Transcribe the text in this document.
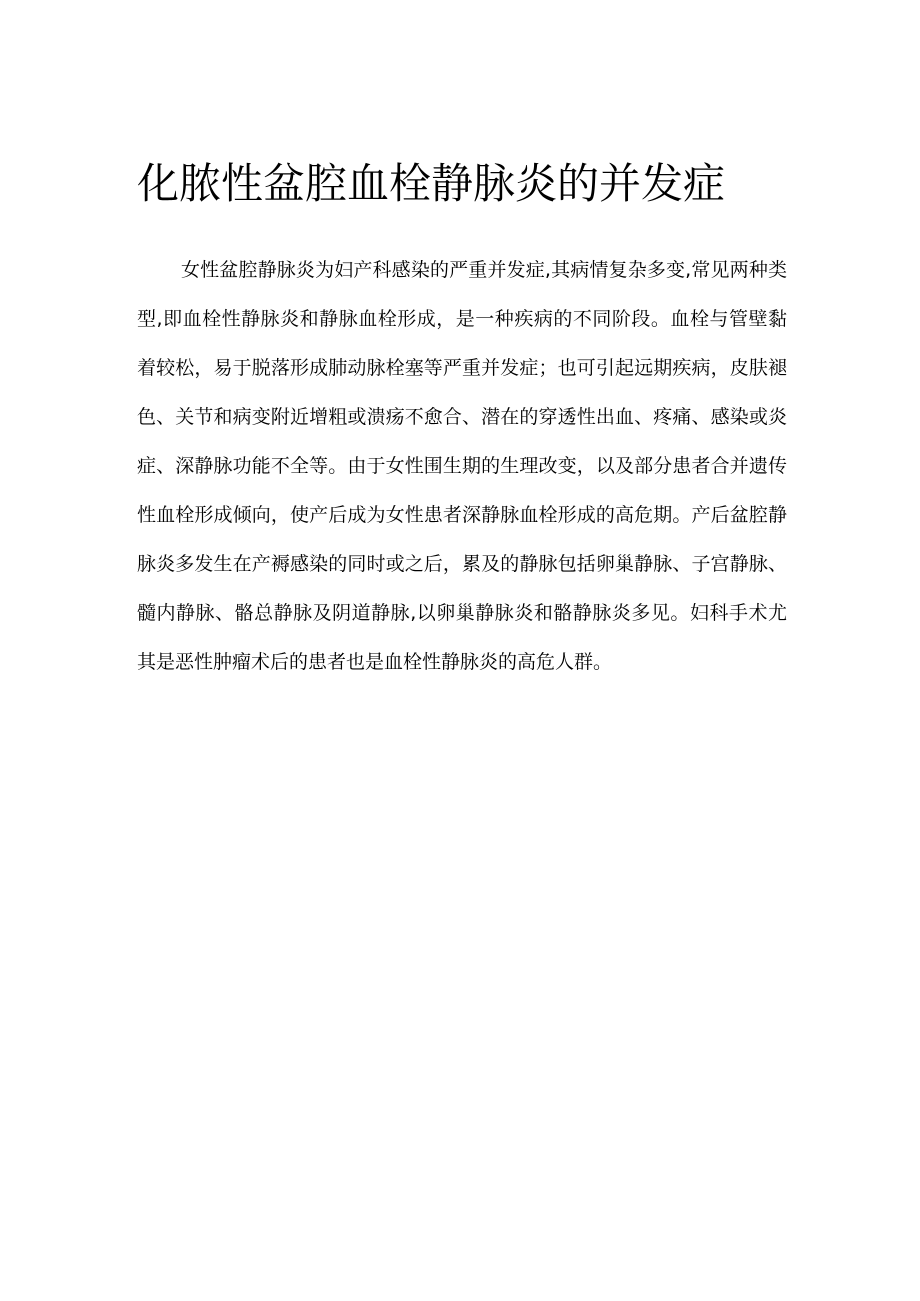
化脓性盆腔血栓静脉炎的并发症

女性盆腔静脉炎为妇产科感染的严重并发症,其病情复杂多变,常见两种类型,即血栓性静脉炎和静脉血栓形成，是一种疾病的不同阶段。血栓与管壁黏着较松，易于脱落形成肺动脉栓塞等严重并发症；也可引起远期疾病，皮肤褪色、关节和病变附近增粗或溃疡不愈合、潜在的穿透性出血、疼痛、感染或炎症、深静脉功能不全等。由于女性围生期的生理改变，以及部分患者合并遗传性血栓形成倾向，使产后成为女性患者深静脉血栓形成的高危期。产后盆腔静脉炎多发生在产褥感染的同时或之后，累及的静脉包括卵巢静脉、子宫静脉、髓内静脉、骼总静脉及阴道静脉,以卵巢静脉炎和骼静脉炎多见。妇科手术尤其是恶性肿瘤术后的患者也是血栓性静脉炎的高危人群。
